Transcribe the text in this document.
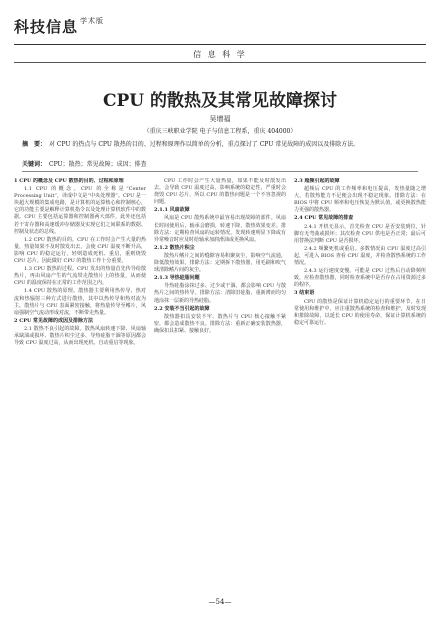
科技信息 $^{学术版}$
信 息 科 学
CPU 的散热及其常见故障探讨
吴增福
（重庆三峡职业学院 电子与信息工程系，重庆 404000）
摘　要： 对 CPU 的热点与 CPU 散热的目的、过程和原理作以简单的分析，重点探讨了 CPU 常见故障的成因以及排除方法。
关键词： CPU；散热；常见故障；成因；排查

1 CPU 的概念及 CPU 散热的目的、过程和原理

1.1 CPU 的概念。CPU 的全称是“Center Processing Unit”，译成中文是“中央处理器”。CPU 是一块超大规模的集成电路，是计算机的运算核心和控制核心，它的功能主要是解释计算机指令以及处理计算机软件中的数据。CPU 主要包括运算器和控制器两大部件，此外还包括若干寄存器和高速缓冲存储器及实现它们之间联系的数据、控制及状态的总线。

1.2 CPU 散热的目的。CPU 在工作时会产生大量的热量，热量如果不及时散发出去，会使 CPU 温度不断升高，影响 CPU 的稳定运行，轻则造成死机、重启，重则烧毁 CPU 芯片。因此做好 CPU 的散热工作十分重要。

1.3 CPU 散热的过程。CPU 发出的热量首先传导给散热片，再由风扇产生的气流带走散热片上的热量，从而使 CPU 的温度保持在正常的工作范围之内。

1.4 CPU 散热的原理。散热器主要利用热传导、热对流和热辐射三种方式进行散热，其中以热传导和热对流为主。散热片与 CPU 表面紧密接触，将热量传导至鳍片，风扇强制空气流动形成对流，不断带走热量。

2 CPU 常见故障的成因及排除方法

2.1 散热不良引起的故障。散热风扇转速下降、风扇轴承缺油或损坏、散热片积尘过多、导热硅脂干涸等原因都会导致 CPU 温度过高，从而出现死机、自动重启等现象。

CPU 工作时会产生大量热量，如果不能及时散发出去，会导致 CPU 温度过高，影响系统的稳定性，严重时会烧毁 CPU 芯片，所以 CPU 的散热问题是一个不容忽视的问题。

2.1.1 风扇故障

风扇是 CPU 散热系统中最容易出现故障的部件。风扇长时间使用后，轴承会磨损，转速下降，散热效果变差。排除方法：定期检查风扇的运转情况，发现转速明显下降或有异常噪音时应及时给轴承加润滑油或更换风扇。

2.1.2 散热片积尘

散热片鳍片之间的缝隙容易积聚灰尘，影响空气流通，降低散热效果。排除方法：定期拆下散热器，用毛刷和吹气球清除鳍片间的灰尘。

2.1.3 导热硅脂问题

导热硅脂涂抹过多、过少或干涸，都会影响 CPU 与散热片之间的热传导。排除方法：清除旧硅脂，重新薄而均匀地涂抹一层新的导热硅脂。

2.2 安装不当引起的故障

散热器扣具安装不牢、散热片与 CPU 核心接触不紧密，都会造成散热不良。排除方法：重新正确安装散热器，确保扣具扣紧、接触良好。

2.3 超频引起的故障

超频后 CPU 的工作频率和电压提高，发热量随之增大，若散热能力不足便会出现不稳定现象。排除方法：在 BIOS 中将 CPU 频率和电压恢复为默认值，或更换散热能力更强的散热器。

2.4 CPU 常见故障的排查

2.4.1 开机无显示。首先检查 CPU 是否安装到位，针脚有无弯曲或损坏；其次检查 CPU 供电是否正常；最后可用替换法判断 CPU 是否损坏。

2.4.2 频繁死机或重启。多数情况由 CPU 温度过高引起，可进入 BIOS 查看 CPU 温度，并检查散热系统的工作情况。

2.4.3 运行速度变慢。可能是 CPU 过热后自动降频所致，应检查散热器，同时检查系统中是否存在占用资源过多的程序。

3 结束语

CPU 的散热是保证计算机稳定运行的重要环节。在日常使用和维护中，应注重散热系统的检查和维护，及时发现和排除故障，以延长 CPU 的使用寿命，保证计算机系统的稳定可靠运行。

—54—
